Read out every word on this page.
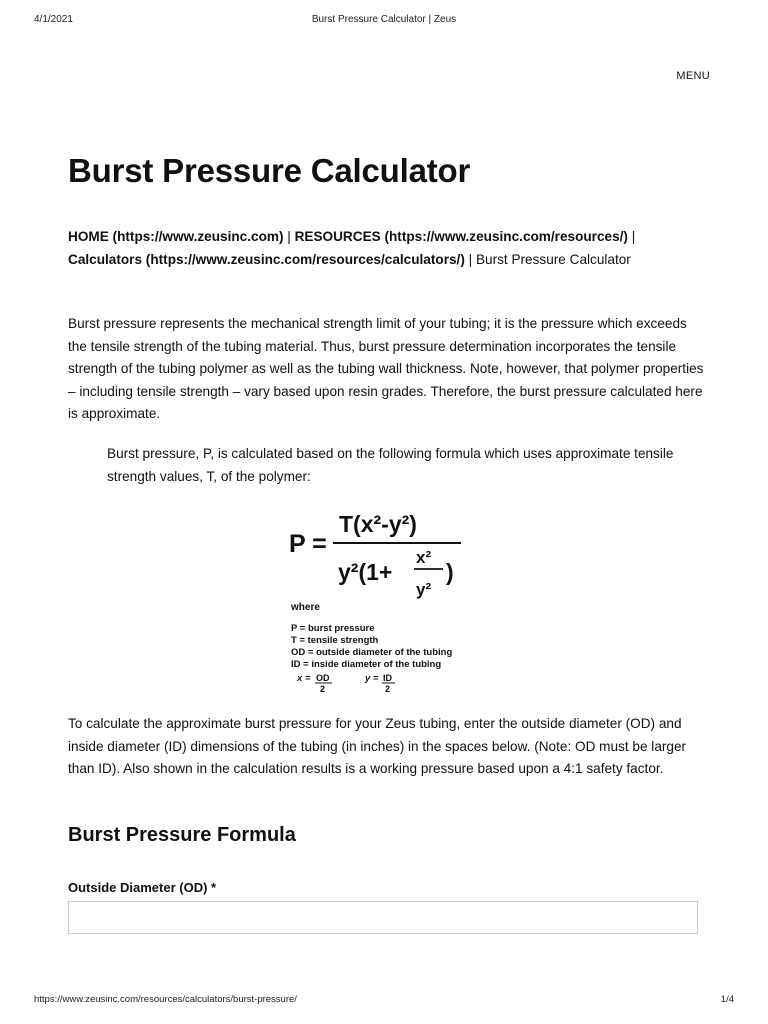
4/1/2021	Burst Pressure Calculator | Zeus
MENU
Burst Pressure Calculator
HOME (https://www.zeusinc.com) | RESOURCES (https://www.zeusinc.com/resources/) | Calculators (https://www.zeusinc.com/resources/calculators/) | Burst Pressure Calculator

Burst pressure represents the mechanical strength limit of your tubing; it is the pressure which exceeds the tensile strength of the tubing material. Thus, burst pressure determination incorporates the tensile strength of the tubing polymer as well as the tubing wall thickness. Note, however, that polymer properties – including tensile strength – vary based upon resin grades. Therefore, the burst pressure calculated here is approximate.

Burst pressure, P, is calculated based on the following formula which uses approximate tensile strength values, T, of the polymer:

P =
T(x²-y²)
y²(1+
x²
y²
)
where
P = burst pressure
T = tensile strength
OD = outside diameter of the tubing
ID = inside diameter of the tubing
x = OD
2
y = ID
2

To calculate the approximate burst pressure for your Zeus tubing, enter the outside diameter (OD) and inside diameter (ID) dimensions of the tubing (in inches) in the spaces below. (Note: OD must be larger than ID). Also shown in the calculation results is a working pressure based upon a 4:1 safety factor.

Burst Pressure Formula
Outside Diameter (OD) *
https://www.zeusinc.com/resources/calculators/burst-pressure/	1/4
